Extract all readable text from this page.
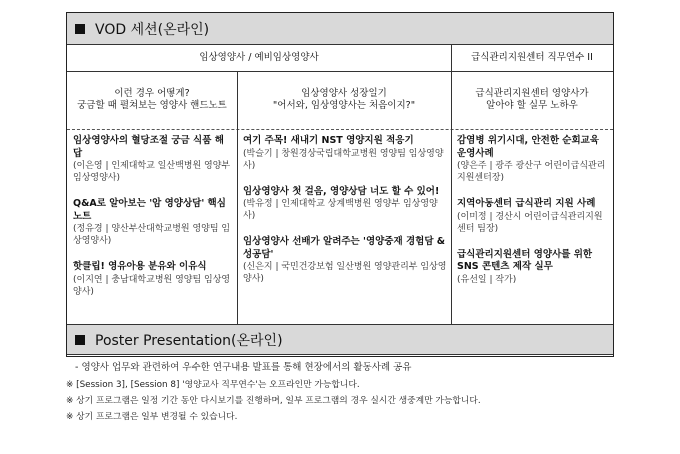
VOD 세션(온라인)
임상영양사 / 예비임상영양사	급식관리지원센터 직무연수 II
이런 경우 어떻게?
궁금할 때 펼쳐보는 영양사 핸드노트
임상영양사 성장일기
"어서와, 임상영양사는 처음이지?"
급식관리지원센터 영양사가
알아야 할 실무 노하우
임상영양사의 혈당조절 궁금 식품 해답
(이은영 | 인제대학교 일산백병원 영양부 임상영양사)
Q&A로 알아보는 '암 영양상담' 핵심 노트
(정유경 | 양산부산대학교병원 영양팀 임상영양사)
핫클립! 영유아용 분유와 이유식
(이지연 | 충남대학교병원 영양팀 임상영양사)
여기 주목! 새내기 NST 영양지원 적응기
(박슬기 | 창원경상국립대학교병원 영양팀 임상영양사)
임상영양사 첫 걸음, 영양상담 너도 할 수 있어!
(박유정 | 인제대학교 상계백병원 영양부 임상영양사)
임상영양사 선배가 알려주는 '영양중재 경험담 & 성공담'
(신은지 | 국민건강보험 일산병원 영양관리부 임상영양사)
감염병 위기시대, 안전한 순회교육 운영사례
(양은주 | 광주 광산구 어린이급식관리 지원센터장)
지역아동센터 급식관리 지원 사례
(이미정 | 경산시 어린이급식관리지원센터 팀장)
급식관리지원센터 영양사를 위한 SNS 콘텐츠 제작 실무
(유선일 | 작가)
Poster Presentation(온라인)
- 영양사 업무와 관련하여 우수한 연구내용 발표를 통해 현장에서의 활동사례 공유
※ [Session 3], [Session 8] '영양교사 직무연수'는 오프라인만 가능합니다.
※ 상기 프로그램은 일정 기간 동안 다시보기를 진행하며, 일부 프로그램의 경우 실시간 생중계만 가능합니다.
※ 상기 프로그램은 일부 변경될 수 있습니다.
